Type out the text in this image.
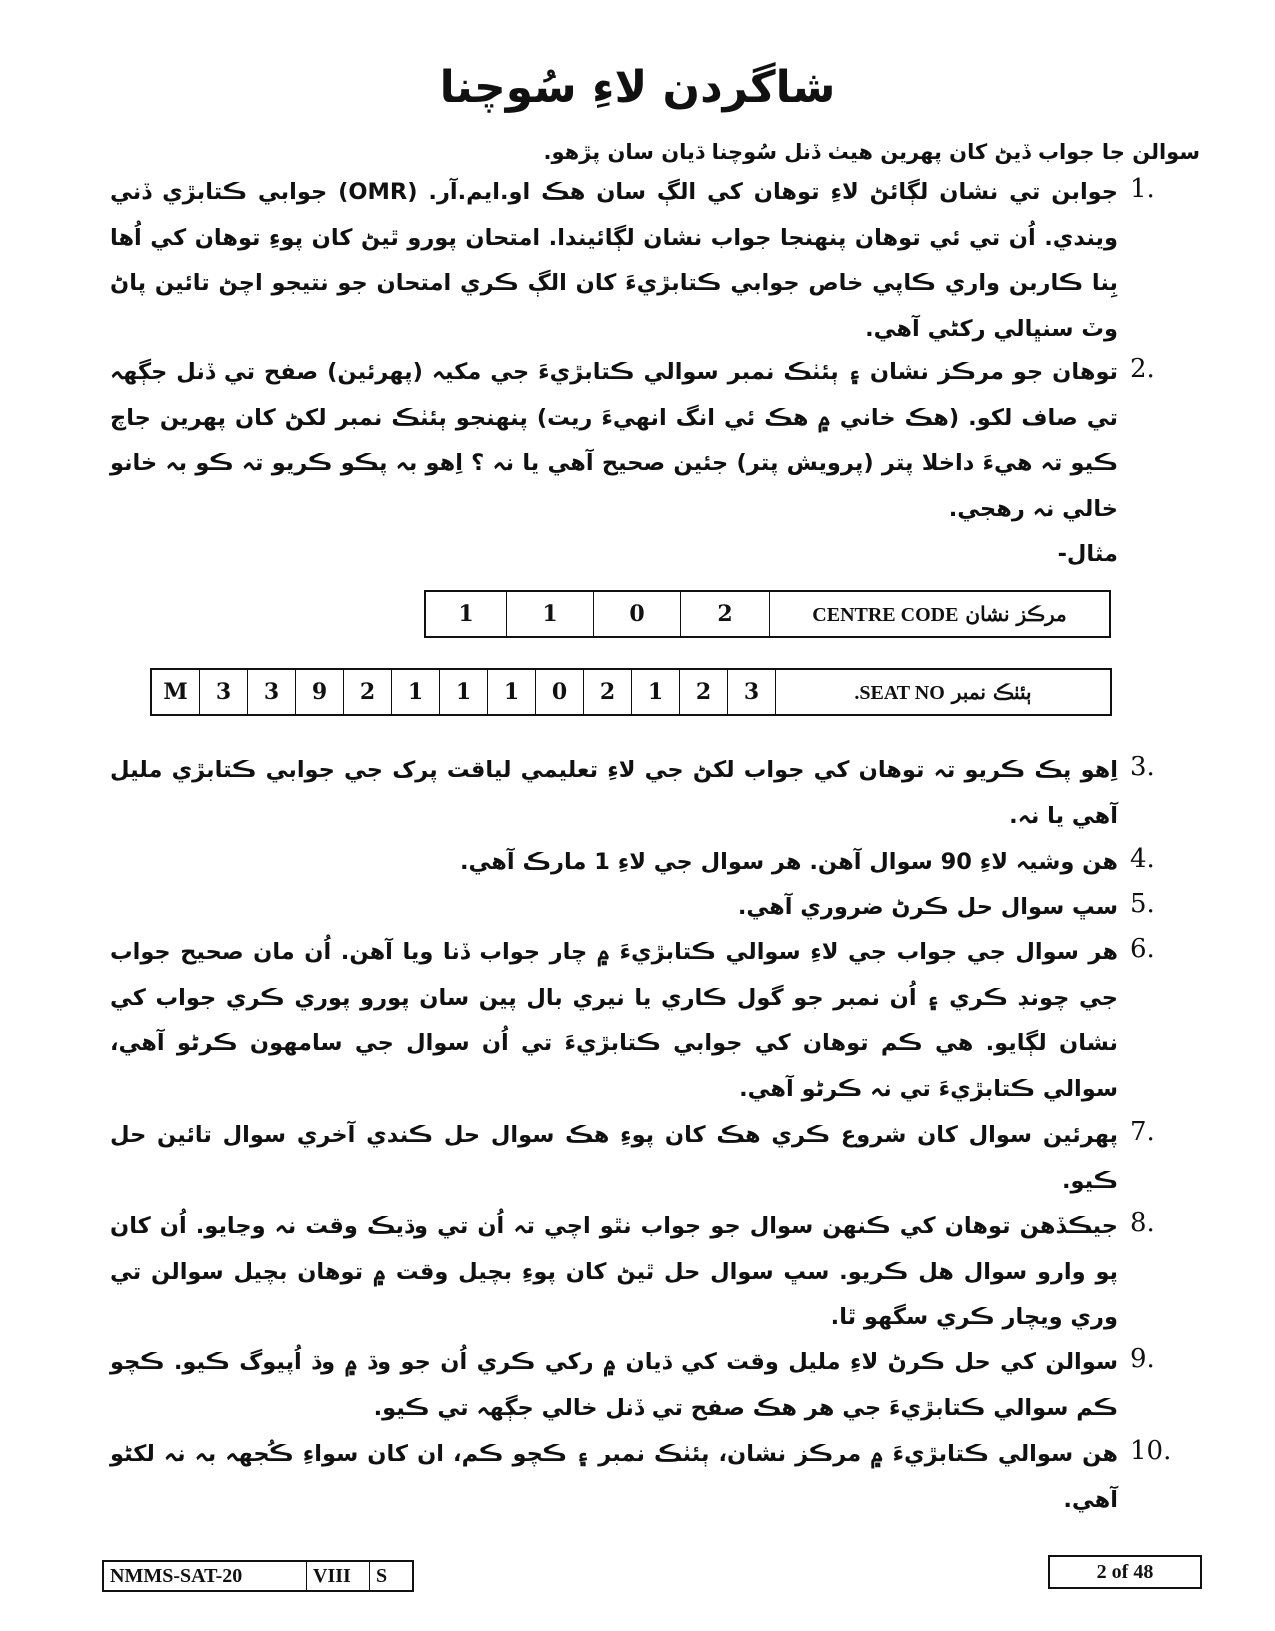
شاگردن لاءِ سُوچنا
سوالن جا جواب ڏيڻ کان پهرين هيٺ ڏنل سُوچنا ڌيان سان پڙهو.
1.
جوابن تي نشان لڳائڻ لاءِ توهان کي الڳ سان هڪ او.ايم.آر. (OMR) جوابي ڪتابڙي ڏني ويندي. اُن تي ئي توهان پنهنجا جواب نشان لڳائيندا. امتحان پورو ٿيڻ کان پوءِ توهان کي اُها بِنا ڪاربن واري ڪاپي خاص جوابي ڪتابڙيءَ کان الڳ ڪري امتحان جو نتيجو اچڻ تائين پاڻ وٽ سنڀالي رکڻي آهي.
2.
توهان جو مرڪز نشان ۽ ٻئٺڪ نمبر سوالي ڪتابڙيءَ جي مکيہ (پهرئين) صفح تي ڏنل جڳهہ تي صاف لکو. (هڪ خاني ۾ هڪ ئي انگ انهيءَ ريت) پنهنجو ٻئٺڪ نمبر لکڻ کان پهرين جاچ ڪيو تہ هيءَ داخلا پتر (پرويش پتر) جئين صحيح آهي يا نہ ؟ اِهو بہ پڪو ڪريو تہ ڪو بہ خانو خالي نہ رهجي.
مثال-
1	1	0	2	مرڪز نشان CENTRE CODE
M	3	3	9	2	1	1	1	0	2	1	2	3	ٻئٺڪ نمبر SEAT NO.
3.
اِهو پڪ ڪريو تہ توهان کي جواب لکڻ جي لاءِ تعليمي لياقت پرک جي جوابي ڪتابڙي مليل آهي يا نہ.
4.
هن وشيہ لاءِ 90 سوال آهن. هر سوال جي لاءِ 1 مارڪ آهي.
5.
سڀ سوال حل ڪرڻ ضروري آهي.
6.
هر سوال جي جواب جي لاءِ سوالي ڪتابڙيءَ ۾ چار جواب ڏنا ويا آهن. اُن مان صحيح جواب جي چونڊ ڪري ۽ اُن نمبر جو گول ڪاري يا نيري بال پين سان پورو پوري ڪري جواب کي نشان لڳايو. هي ڪم توهان کي جوابي ڪتابڙيءَ تي اُن سوال جي سامهون ڪرڻو آهي، سوالي ڪتابڙيءَ تي نہ ڪرڻو آهي.
7.
پهرئين سوال کان شروع ڪري هڪ کان پوءِ هڪ سوال حل ڪندي آخري سوال تائين حل ڪيو.
8.
جيڪڏهن توهان کي ڪنهن سوال جو جواب نٿو اچي تہ اُن تي وڌيڪ وقت نہ وڃايو. اُن کان پو وارو سوال هل ڪريو. سڀ سوال حل ٿيڻ کان پوءِ بچيل وقت ۾ توهان بچيل سوالن تي وري ويچار ڪري سگهو ٿا.
9.
سوالن کي حل ڪرڻ لاءِ مليل وقت کي ڌيان ۾ رکي ڪري اُن جو وڌ ۾ وڌ اُپيوگ ڪيو. ڪچو ڪم سوالي ڪتابڙيءَ جي هر هڪ صفح تي ڏنل خالي جڳهہ تي ڪيو.
10.
هن سوالي ڪتابڙيءَ ۾ مرڪز نشان، ٻئٺڪ نمبر ۽ ڪچو ڪم، ان کان سواءِ ڪُجهہ بہ نہ لکڻو آهي.
NMMS-SAT-20	VIII	S	2 of 48
